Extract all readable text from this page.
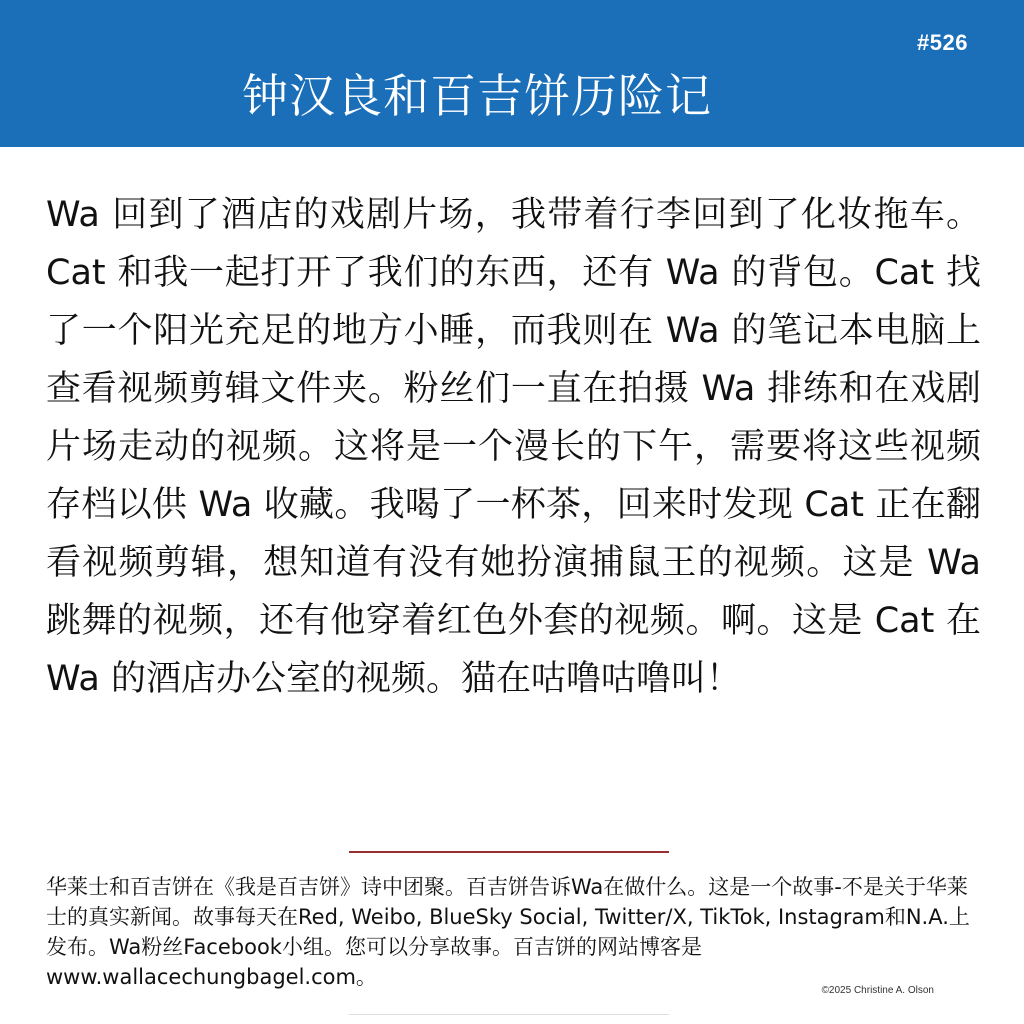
#526
钟汉良和百吉饼历险记

Wa 回到了酒店的戏剧片场，我带着行李回到了化妆拖车。Cat 和我一起打开了我们的东西，还有 Wa 的背包。Cat 找了一个阳光充足的地方小睡，而我则在 Wa 的笔记本电脑上查看视频剪辑文件夹。粉丝们一直在拍摄 Wa 排练和在戏剧片场走动的视频。这将是一个漫长的下午，需要将这些视频存档以供 Wa 收藏。我喝了一杯茶，回来时发现 Cat 正在翻看视频剪辑，想知道有没有她扮演捕鼠王的视频。这是 Wa 跳舞的视频，还有他穿着红色外套的视频。啊。这是 Cat 在 Wa 的酒店办公室的视频。猫在咕噜咕噜叫！

华莱士和百吉饼在《我是百吉饼》诗中团聚。百吉饼告诉Wa在做什么。这是一个故事-不是关于华莱士的真实新闻。故事每天在Red, Weibo, BlueSky Social, Twitter/X, TikTok, Instagram和N.A.上发布。Wa粉丝Facebook小组。您可以分享故事。百吉饼的网站博客是www.wallacechungbagel.com。

©2025 Christine A. Olson
